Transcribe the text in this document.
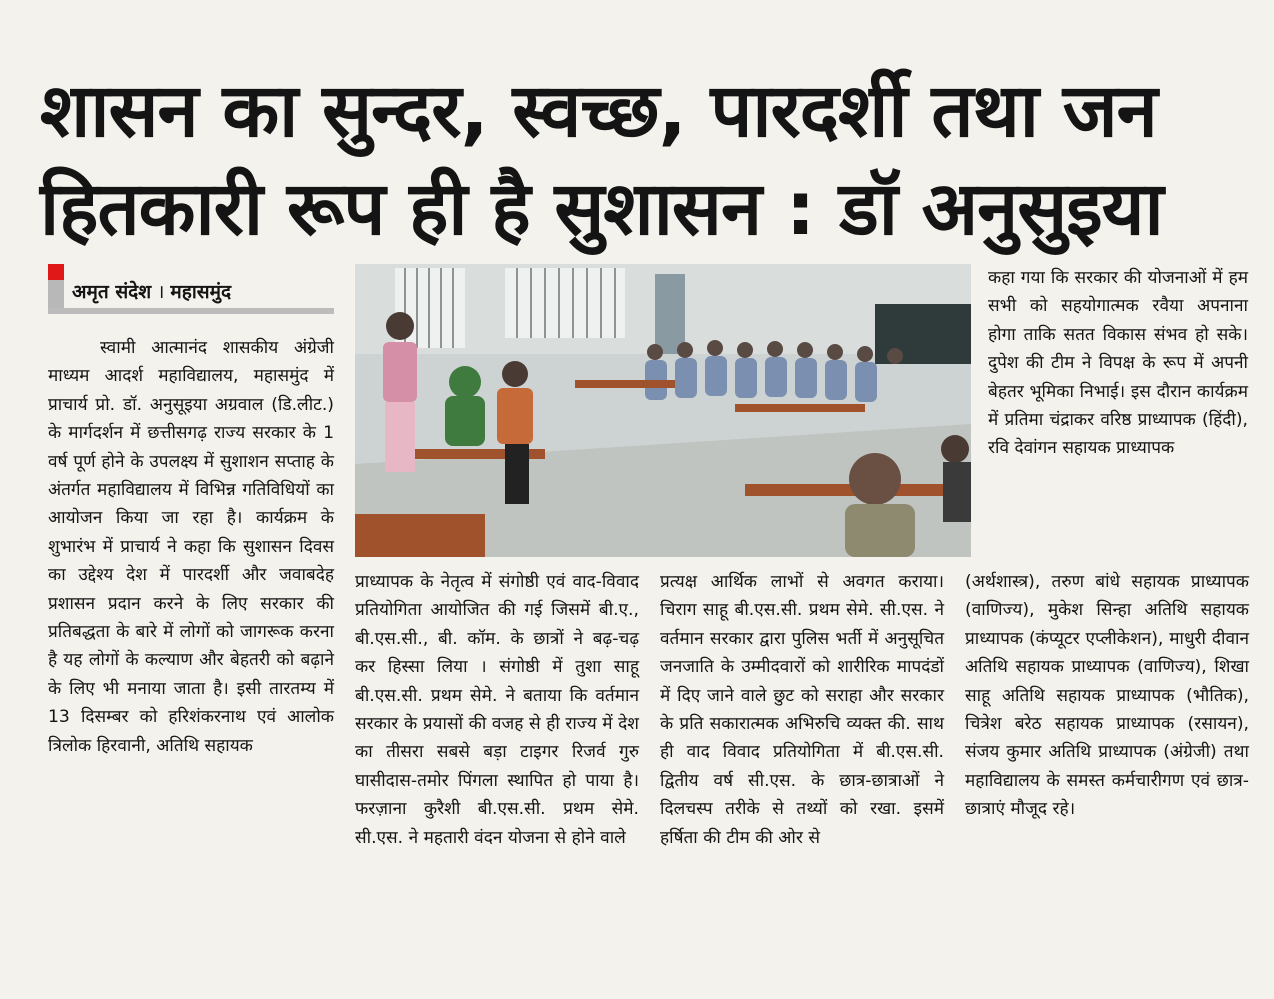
शासन का सुन्दर, स्वच्छ, पारदर्शी तथा जन
हितकारी रूप ही है सुशासन : डॉ अनुसुइया
अमृत संदेश । महासमुंद

स्वामी आत्मानंद शासकीय अंग्रेजी माध्यम आदर्श महाविद्यालय, महासमुंद में प्राचार्य प्रो. डॉ. अनुसूइया अग्रवाल (डि.लीट.) के मार्गदर्शन में छत्तीसगढ़ राज्य सरकार के 1 वर्ष पूर्ण होने के उपलक्ष्य में सुशाशन सप्ताह के अंतर्गत महाविद्यालय में विभिन्न गतिविधियों का आयोजन किया जा रहा है। कार्यक्रम के शुभारंभ में प्राचार्य ने कहा कि सुशासन दिवस का उद्देश्य देश में पारदर्शी और जवाबदेह प्रशासन प्रदान करने के लिए सरकार की प्रतिबद्धता के बारे में लोगों को जागरूक करना है यह लोगों के कल्याण और बेहतरी को बढ़ाने के लिए भी मनाया जाता है। इसी तारतम्य में 13 दिसम्बर को हरिशंकरनाथ एवं आलोक त्रिलोक हिरवानी, अतिथि सहायक

प्राध्यापक के नेतृत्व में संगोष्ठी एवं वाद-विवाद प्रतियोगिता आयोजित की गई जिसमें बी.ए., बी.एस.सी., बी. कॉम. के छात्रों ने बढ़-चढ़ कर हिस्सा लिया । संगोष्ठी में तुशा साहू बी.एस.सी. प्रथम सेमे. ने बताया कि वर्तमान सरकार के प्रयासों की वजह से ही राज्य में देश का तीसरा सबसे बड़ा टाइगर रिजर्व गुरु घासीदास-तमोर पिंगला स्थापित हो पाया है। फरज़ाना कुरैशी बी.एस.सी. प्रथम सेमे. सी.एस. ने महतारी वंदन योजना से होने वाले

प्रत्यक्ष आर्थिक लाभों से अवगत कराया। चिराग साहू बी.एस.सी. प्रथम सेमे. सी.एस. ने वर्तमान सरकार द्वारा पुलिस भर्ती में अनुसूचित जनजाति के उम्मीदवारों को शारीरिक मापदंडों में दिए जाने वाले छुट को सराहा और सरकार के प्रति सकारात्मक अभिरुचि व्यक्त की. साथ ही वाद विवाद प्रतियोगिता में बी.एस.सी. द्वितीय वर्ष सी.एस. के छात्र-छात्राओं ने दिलचस्प तरीके से तथ्यों को रखा. इसमें हर्षिता की टीम की ओर से

कहा गया कि सरकार की योजनाओं में हम सभी को सहयोगात्मक रवैया अपनाना होगा ताकि सतत विकास संभव हो सके। दुपेश की टीम ने विपक्ष के रूप में अपनी बेहतर भूमिका निभाई। इस दौरान कार्यक्रम में प्रतिमा चंद्राकर वरिष्ठ प्राध्यापक (हिंदी), रवि देवांगन सहायक प्राध्यापक

(अर्थशास्त्र), तरुण बांधे सहायक प्राध्यापक (वाणिज्य), मुकेश सिन्हा अतिथि सहायक प्राध्यापक (कंप्यूटर एप्लीकेशन), माधुरी दीवान अतिथि सहायक प्राध्यापक (वाणिज्य), शिखा साहू अतिथि सहायक प्राध्यापक (भौतिक), चित्रेश बरेठ सहायक प्राध्यापक (रसायन), संजय कुमार अतिथि प्राध्यापक (अंग्रेजी) तथा महाविद्यालय के समस्त कर्मचारीगण एवं छात्र-छात्राएं मौजूद रहे।
